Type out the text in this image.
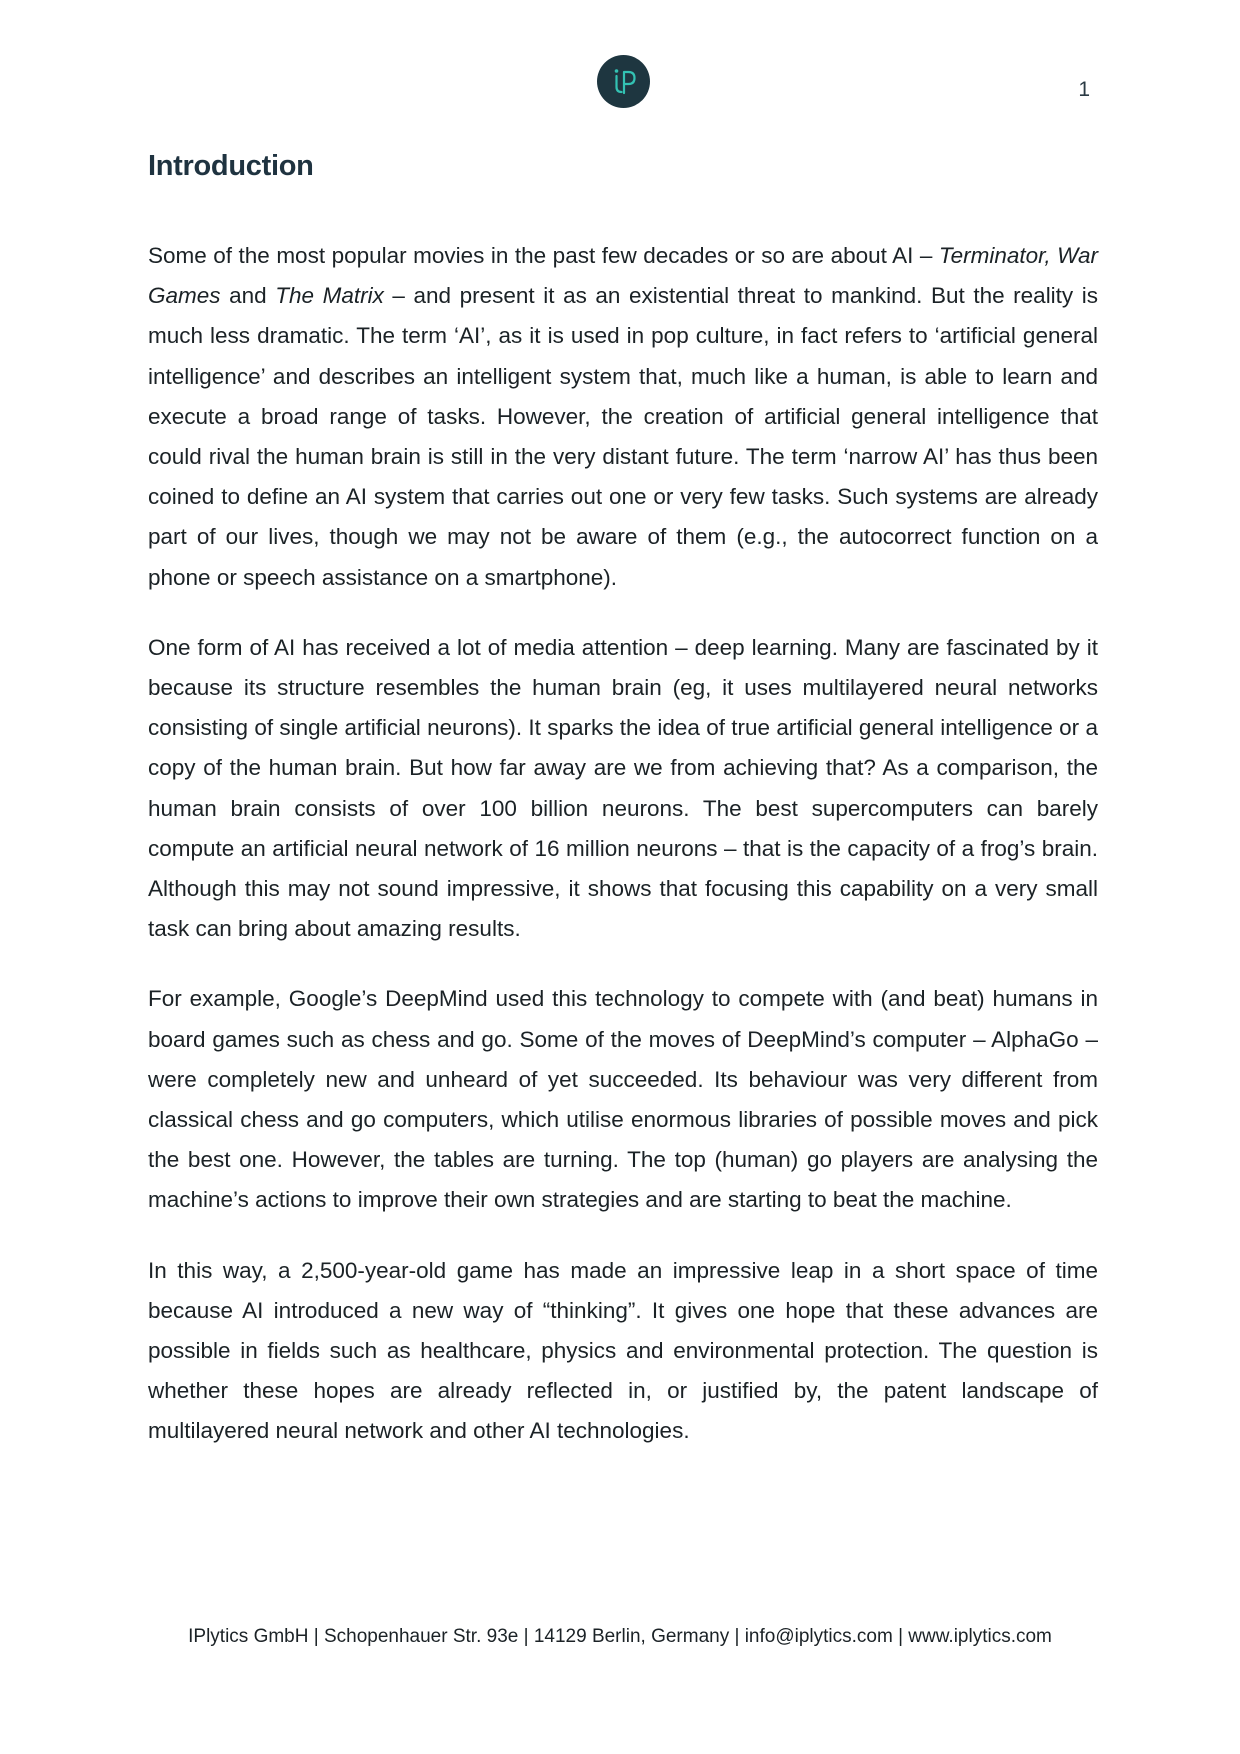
1
Introduction

Some of the most popular movies in the past few decades or so are about AI – Terminator, War Games and The Matrix – and present it as an existential threat to mankind. But the reality is much less dramatic. The term ‘AI’, as it is used in pop culture, in fact refers to ‘artificial general intelligence’ and describes an intelligent system that, much like a human, is able to learn and execute a broad range of tasks. However, the creation of artificial general intelligence that could rival the human brain is still in the very distant future. The term ‘narrow AI’ has thus been coined to define an AI system that carries out one or very few tasks. Such systems are already part of our lives, though we may not be aware of them (e.g., the autocorrect function on a phone or speech assistance on a smartphone).

One form of AI has received a lot of media attention – deep learning. Many are fascinated by it because its structure resembles the human brain (eg, it uses multilayered neural networks consisting of single artificial neurons). It sparks the idea of true artificial general intelligence or a copy of the human brain. But how far away are we from achieving that? As a comparison, the human brain consists of over 100 billion neurons. The best supercomputers can barely compute an artificial neural network of 16 million neurons – that is the capacity of a frog’s brain. Although this may not sound impressive, it shows that focusing this capability on a very small task can bring about amazing results.

For example, Google’s DeepMind used this technology to compete with (and beat) humans in board games such as chess and go. Some of the moves of DeepMind’s computer – AlphaGo – were completely new and unheard of yet succeeded. Its behaviour was very different from classical chess and go computers, which utilise enormous libraries of possible moves and pick the best one. However, the tables are turning. The top (human) go players are analysing the machine’s actions to improve their own strategies and are starting to beat the machine.

In this way, a 2,500-year-old game has made an impressive leap in a short space of time because AI introduced a new way of “thinking”. It gives one hope that these advances are possible in fields such as healthcare, physics and environmental protection. The question is whether these hopes are already reflected in, or justified by, the patent landscape of multilayered neural network and other AI technologies.

IPlytics GmbH | Schopenhauer Str. 93e | 14129 Berlin, Germany | info@iplytics.com | www.iplytics.com
